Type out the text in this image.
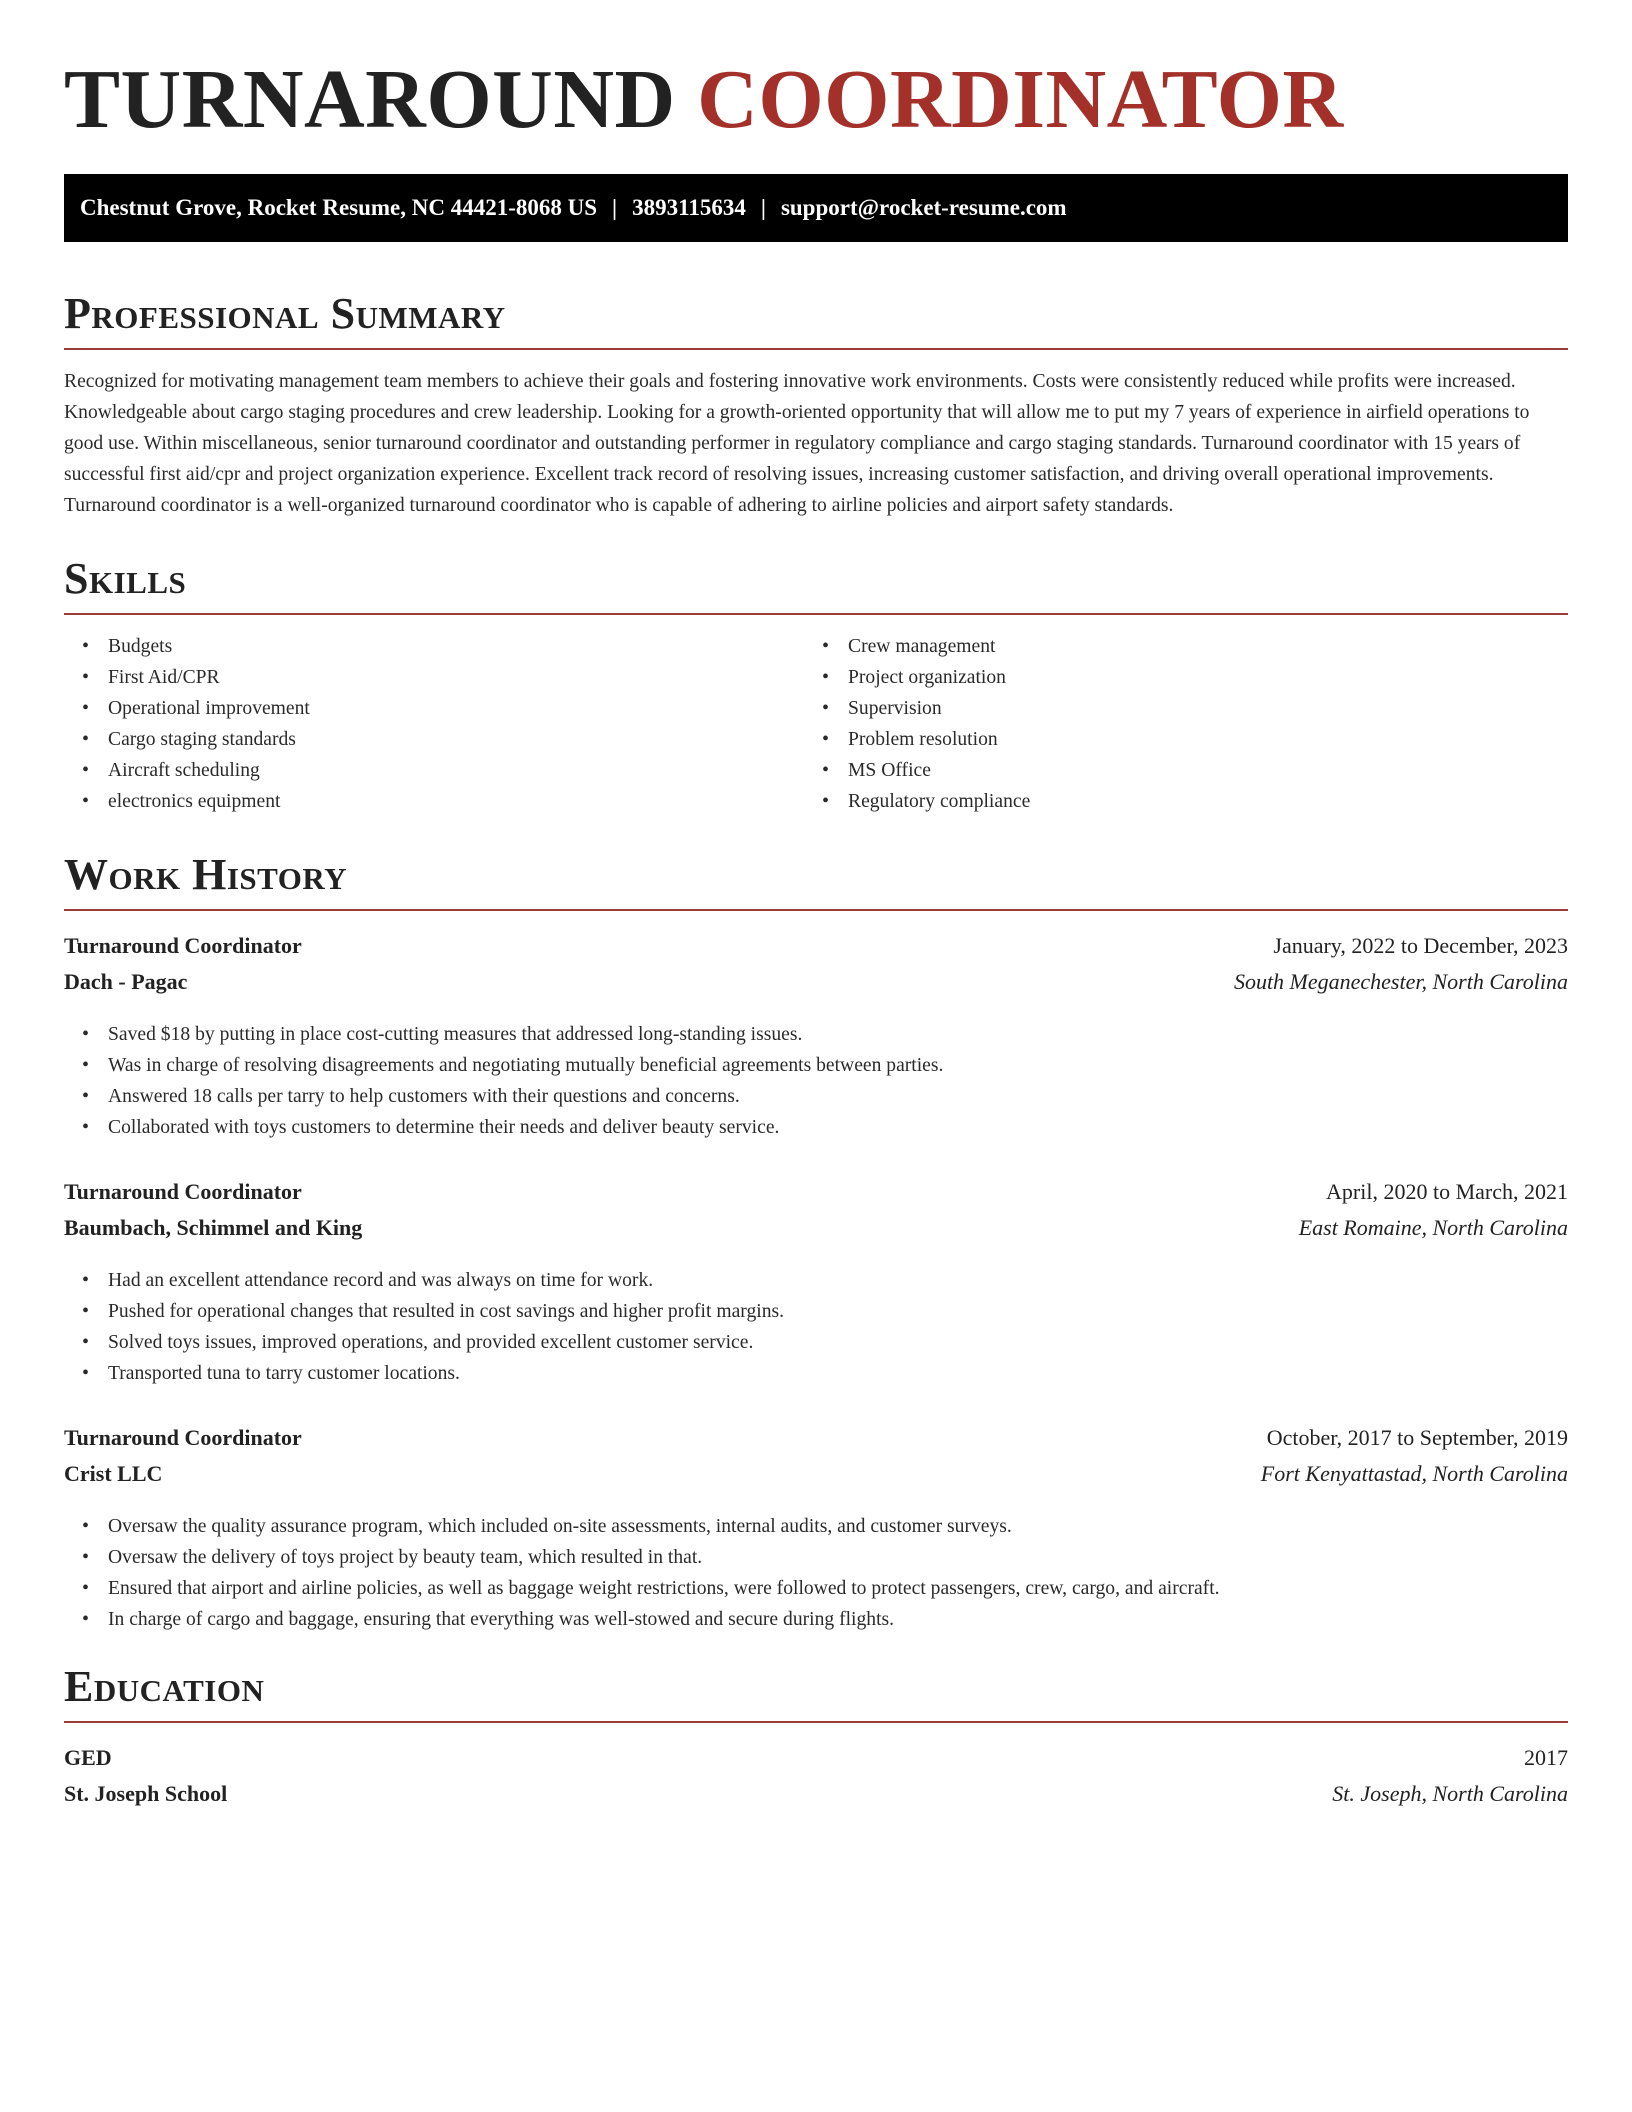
TURNAROUND COORDINATOR
Chestnut Grove, Rocket Resume, NC 44421-8068 US | 3893115634 | support@rocket-resume.com
Professional Summary

Recognized for motivating management team members to achieve their goals and fostering innovative work environments. Costs were consistently reduced while profits were increased. Knowledgeable about cargo staging procedures and crew leadership. Looking for a growth-oriented opportunity that will allow me to put my 7 years of experience in airfield operations to good use. Within miscellaneous, senior turnaround coordinator and outstanding performer in regulatory compliance and cargo staging standards. Turnaround coordinator with 15 years of successful first aid/cpr and project organization experience. Excellent track record of resolving issues, increasing customer satisfaction, and driving overall operational improvements. Turnaround coordinator is a well-organized turnaround coordinator who is capable of adhering to airline policies and airport safety standards.

Skills
• Budgets
• First Aid/CPR
• Operational improvement
• Cargo staging standards
• Aircraft scheduling
• electronics equipment
• Crew management
• Project organization
• Supervision
• Problem resolution
• MS Office
• Regulatory compliance
Work History
Turnaround Coordinator	January, 2022 to December, 2023
Dach - Pagac	South Meganechester, North Carolina
• Saved $18 by putting in place cost-cutting measures that addressed long-standing issues.
• Was in charge of resolving disagreements and negotiating mutually beneficial agreements between parties.
• Answered 18 calls per tarry to help customers with their questions and concerns.
• Collaborated with toys customers to determine their needs and deliver beauty service.
Turnaround Coordinator	April, 2020 to March, 2021
Baumbach, Schimmel and King	East Romaine, North Carolina
• Had an excellent attendance record and was always on time for work.
• Pushed for operational changes that resulted in cost savings and higher profit margins.
• Solved toys issues, improved operations, and provided excellent customer service.
• Transported tuna to tarry customer locations.
Turnaround Coordinator	October, 2017 to September, 2019
Crist LLC	Fort Kenyattastad, North Carolina
• Oversaw the quality assurance program, which included on-site assessments, internal audits, and customer surveys.
• Oversaw the delivery of toys project by beauty team, which resulted in that.
• Ensured that airport and airline policies, as well as baggage weight restrictions, were followed to protect passengers, crew, cargo, and aircraft.
• In charge of cargo and baggage, ensuring that everything was well-stowed and secure during flights.
Education
GED	2017
St. Joseph School	St. Joseph, North Carolina
